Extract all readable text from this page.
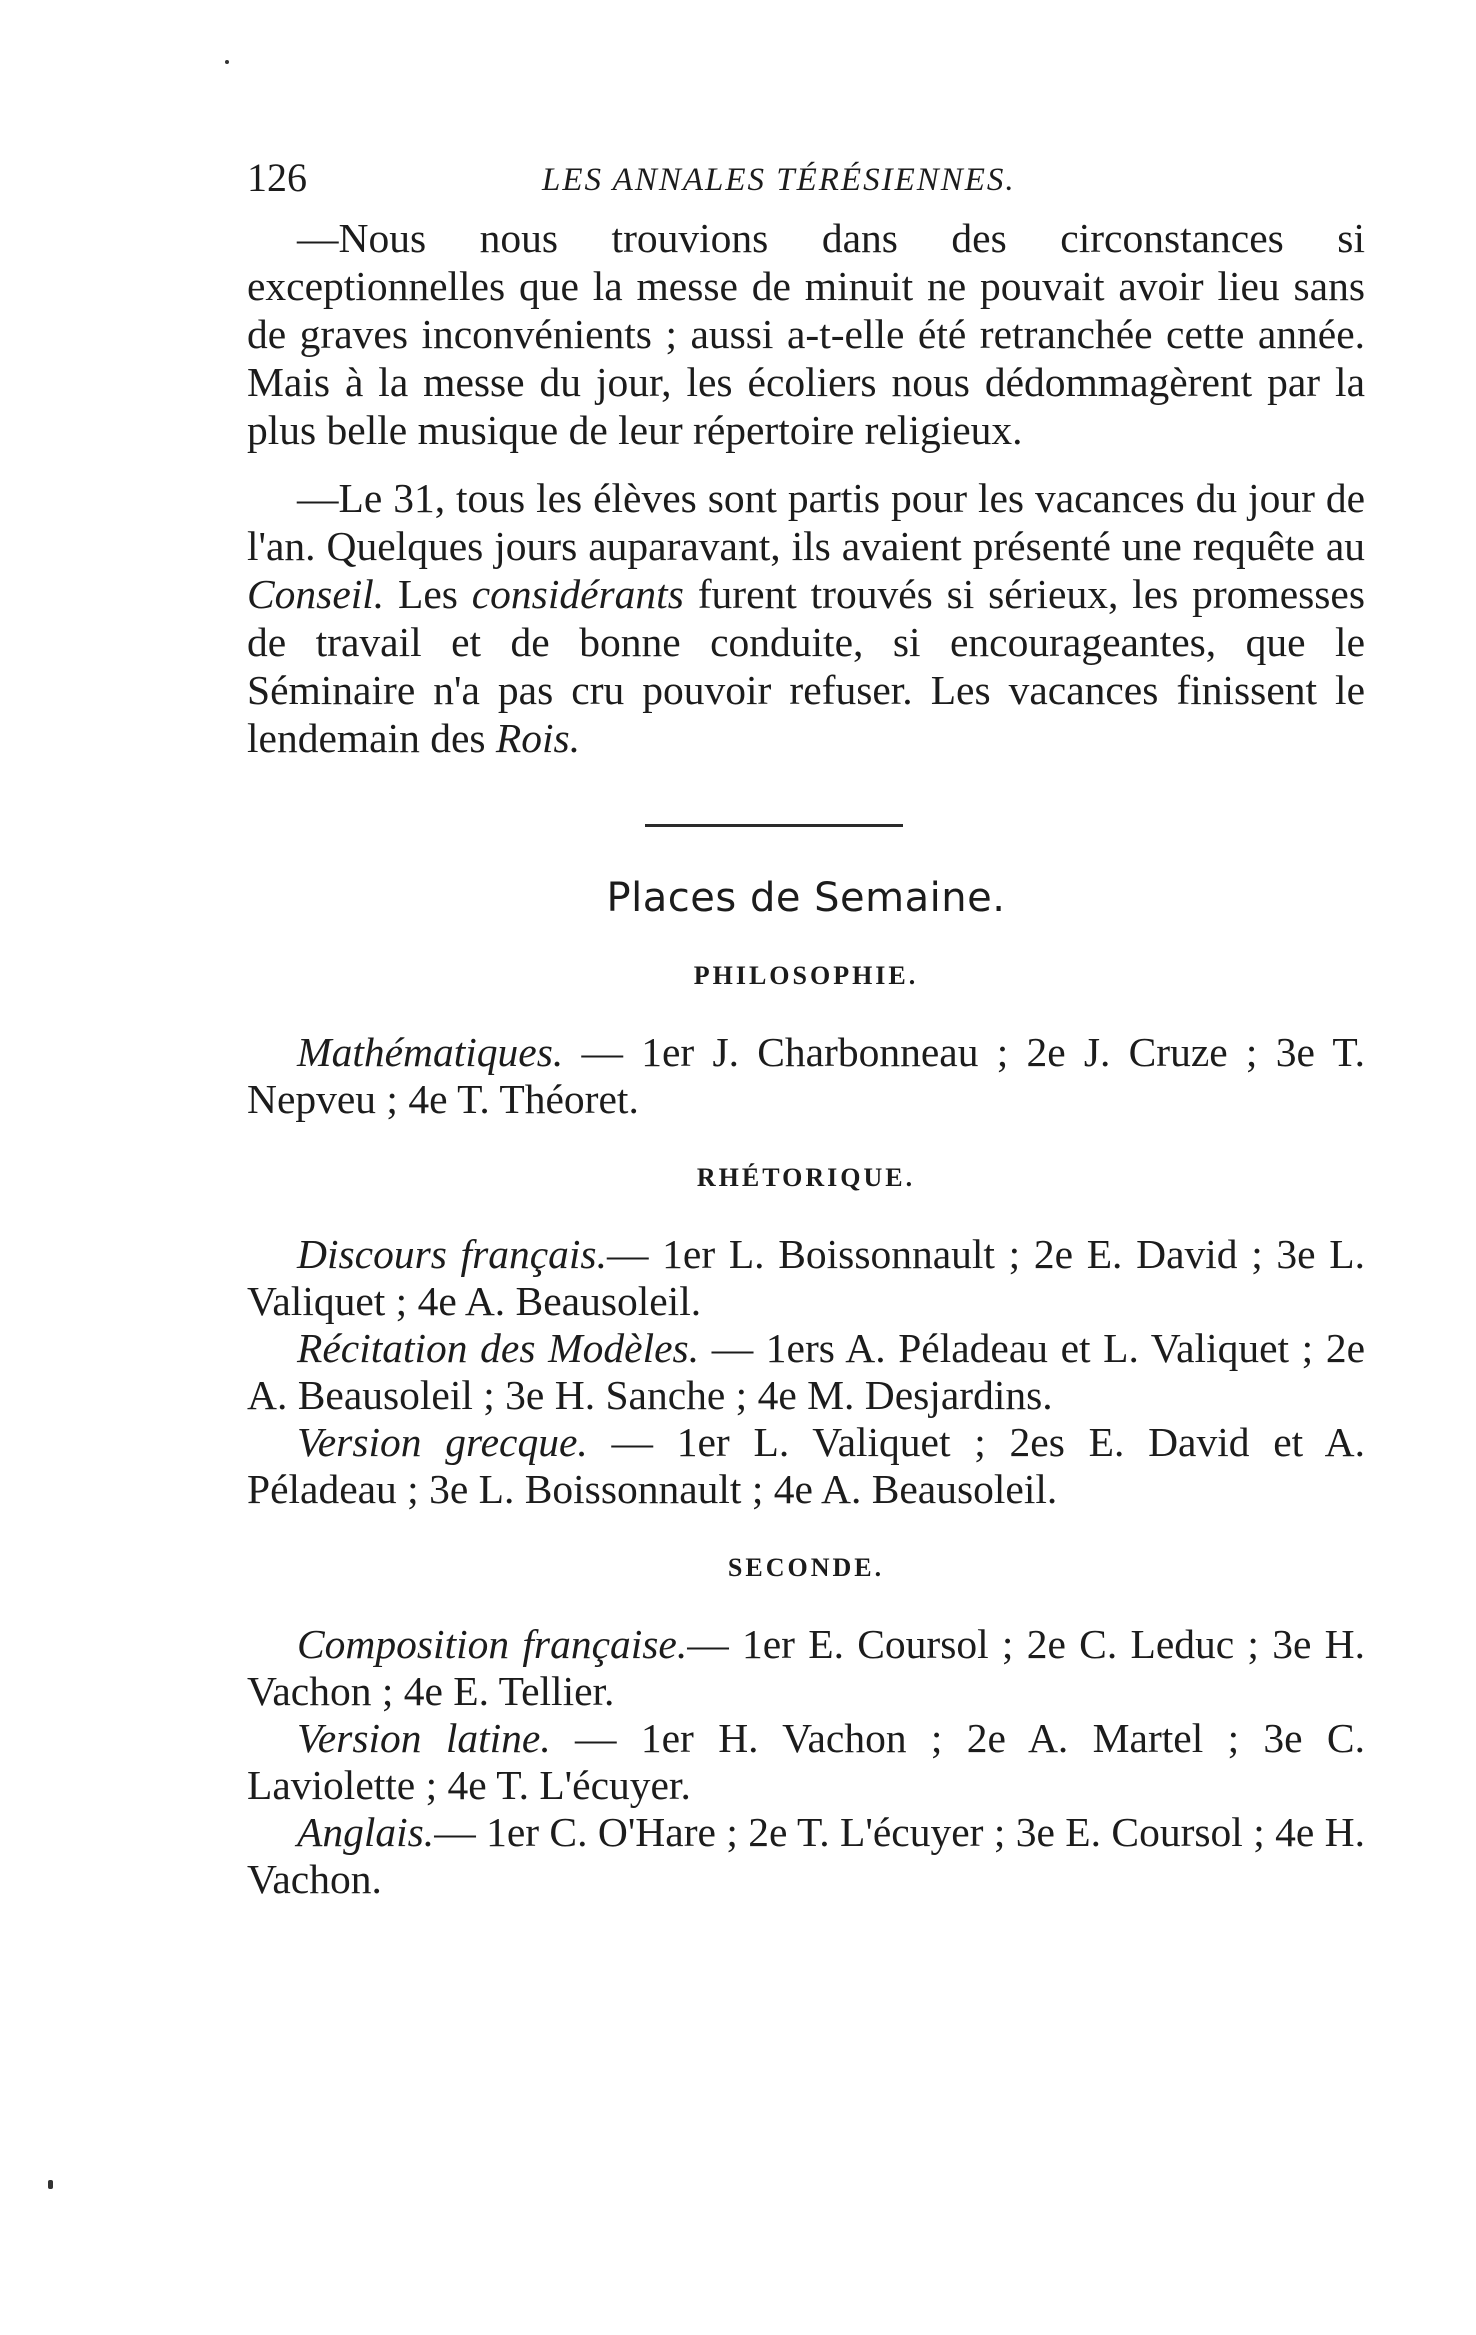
126	LES ANNALES TÉRÉSIENNES.

—Nous nous trouvions dans des circonstances si exceptionnelles que la messe de minuit ne pouvait avoir lieu sans de graves inconvénients ; aussi a-t-elle été retranchée cette année. Mais à la messe du jour, les écoliers nous dédommagèrent par la plus belle musique de leur répertoire religieux.

—Le 31, tous les élèves sont partis pour les vacances du jour de l'an. Quelques jours auparavant, ils avaient présenté une requête au Conseil. Les considérants furent trouvés si sérieux, les promesses de travail et de bonne conduite, si encourageantes, que le Séminaire n'a pas cru pouvoir refuser. Les vacances finissent le lendemain des Rois.

Places de Semaine.
PHILOSOPHIE.

Mathématiques. — 1er J. Charbonneau ; 2e J. Cruze ; 3e T. Nepveu ; 4e T. Théoret.

RHÉTORIQUE.

Discours français.— 1er L. Boissonnault ; 2e E. David ; 3e L. Valiquet ; 4e A. Beausoleil.

Récitation des Modèles. — 1ers A. Péladeau et L. Valiquet ; 2e A. Beausoleil ; 3e H. Sanche ; 4e M. Desjardins.

Version grecque. — 1er L. Valiquet ; 2es E. David et A. Péladeau ; 3e L. Boissonnault ; 4e A. Beausoleil.

SECONDE.

Composition française.— 1er E. Coursol ; 2e C. Leduc ; 3e H. Vachon ; 4e E. Tellier.

Version latine. — 1er H. Vachon ; 2e A. Martel ; 3e C. Laviolette ; 4e T. L'écuyer.

Anglais.— 1er C. O'Hare ; 2e T. L'écuyer ; 3e E. Coursol ; 4e H. Vachon.
